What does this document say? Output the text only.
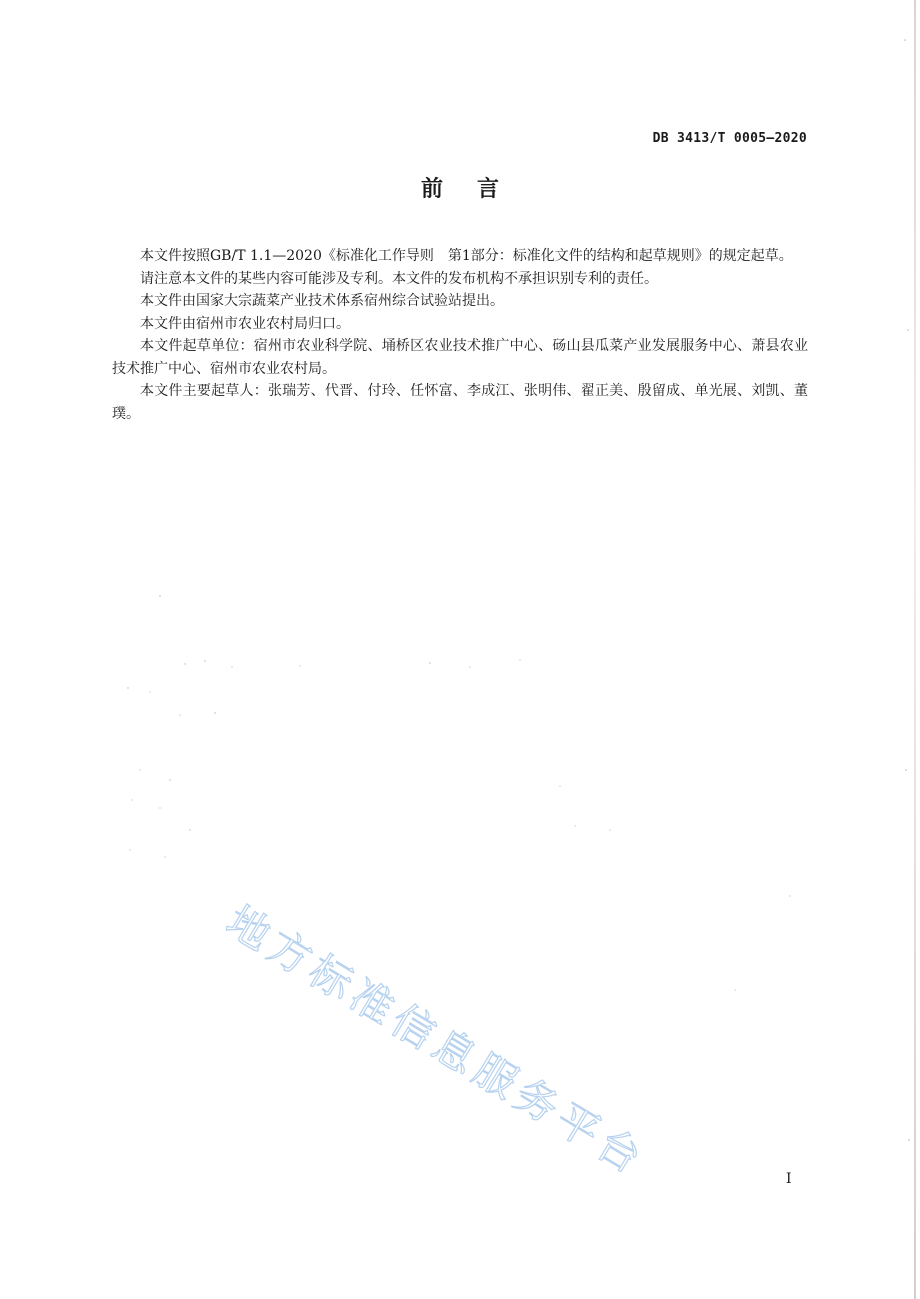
DB 3413/T 0005—2020
前言

本文件按照GB/T 1.1—2020《标准化工作导则　第1部分：标准化文件的结构和起草规则》的规定起草。

请注意本文件的某些内容可能涉及专利。本文件的发布机构不承担识别专利的责任。

本文件由国家大宗蔬菜产业技术体系宿州综合试验站提出。

本文件由宿州市农业农村局归口。

本文件起草单位：宿州市农业科学院、埇桥区农业技术推广中心、砀山县瓜菜产业发展服务中心、萧县农业技术推广中心、宿州市农业农村局。

本文件主要起草人：张瑞芳、代晋、付玲、任怀富、李成江、张明伟、翟正美、殷留成、单光展、刘凯、董璞。

地方标准信息服务平台	I
